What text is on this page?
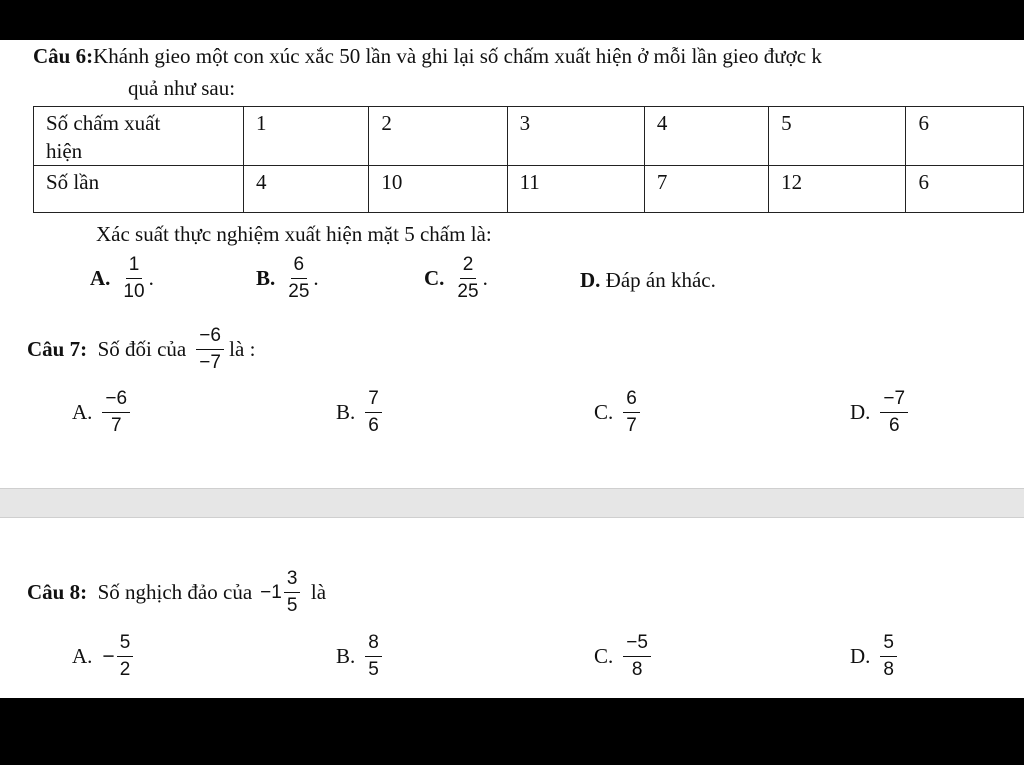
Câu 6:Khánh gieo một con xúc xắc 50 lần và ghi lại số chấm xuất hiện ở mỗi lần gieo được k
quả như sau:
Số chấm xuất
hiện	1	2	3	4	5	6
Số lần	4	10	11	7	12	6
Xác suất thực nghiệm xuất hiện mặt 5 chấm là:
A. $\frac{1}{10}$ .	B. $\frac{6}{25}$ .	C. $\frac{2}{25}$ .	D.
Đáp án khác.
Câu 7:
Số đối của $\frac{-6}{-7}$
là :
A. $\frac{-6}{7}$	B. $\frac{7}{6}$	C. $\frac{6}{7}$	D. $\frac{-7}{6}$
Câu 8:
Số nghịch đảo của $-1 \frac{3}{5}$
là
A. − $\frac{5}{2}$	B. $\frac{8}{5}$	C. $\frac{-5}{8}$	D. $\frac{5}{8}$
